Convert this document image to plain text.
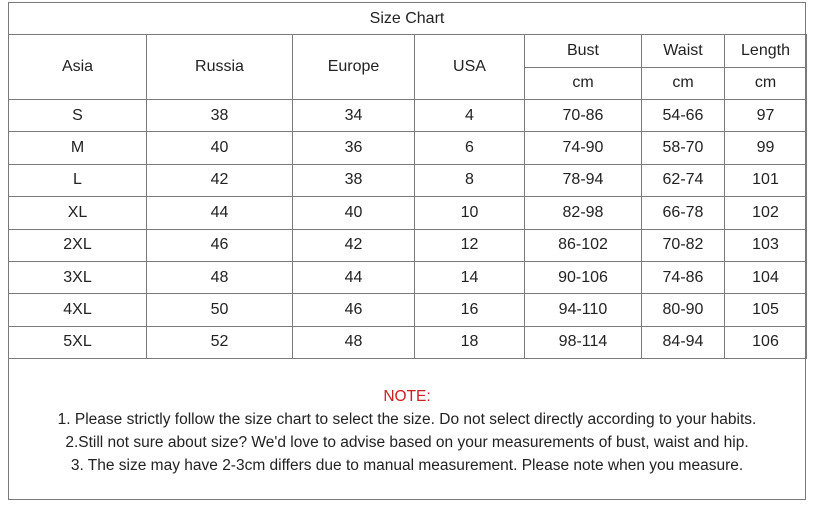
Size Chart
Asia	Russia	Europe	USA	Bust	Waist	Length
				cm	cm	cm
S	38	34	4	70-86	54-66	97
M	40	36	6	74-90	58-70	99
L	42	38	8	78-94	62-74	101
XL	44	40	10	82-98	66-78	102
2XL	46	42	12	86-102	70-82	103
3XL	48	44	14	90-106	74-86	104
4XL	50	46	16	94-110	80-90	105
5XL	52	48	18	98-114	84-94	106
NOTE:
1. Please strictly follow the size chart to select the size. Do not select directly according to your habits.
2.Still not sure about size? We'd love to advise based on your measurements of bust, waist and hip.
3. The size may have 2-3cm differs due to manual measurement. Please note when you measure.
